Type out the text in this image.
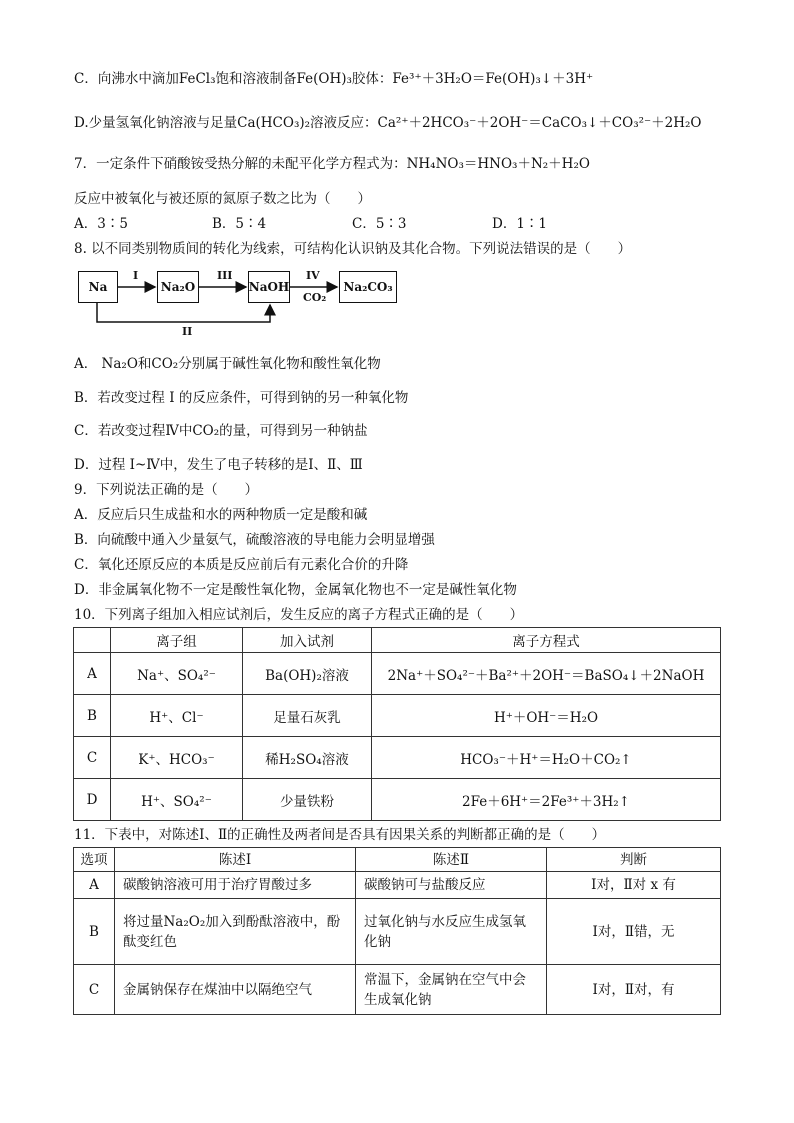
C．向沸水中滴加FeCl₃饱和溶液制备Fe(OH)₃胶体：Fe³⁺＋3H₂O＝Fe(OH)₃↓＋3H⁺
D.少量氢氧化钠溶液与足量Ca(HCO₃)₂溶液反应：Ca²⁺＋2HCO₃⁻＋2OH⁻＝CaCO₃↓＋CO₃²⁻＋2H₂O
7．一定条件下硝酸铵受热分解的未配平化学方程式为：NH₄NO₃＝HNO₃＋N₂＋H₂O
反应中被氧化与被还原的氮原子数之比为（　　）
A．3∶5	B．5∶4	C．5∶3	D．1∶1
8. 以不同类别物质间的转化为线索，可结构化认识钠及其化合物。下列说法错误的是（　　）
Na	Na₂O	NaOH	Na₂CO₃
I	III	IV
CO₂
II
A． Na₂O和CO₂分别属于碱性氧化物和酸性氧化物
B．若改变过程 I 的反应条件，可得到钠的另一种氧化物
C．若改变过程Ⅳ中CO₂的量，可得到另一种钠盐
D．过程 I~Ⅳ中，发生了电子转移的是Ⅰ、Ⅱ、Ⅲ
9．下列说法正确的是（　　）
A．反应后只生成盐和水的两种物质一定是酸和碱
B．向硫酸中通入少量氨气，硫酸溶液的导电能力会明显增强
C．氧化还原反应的本质是反应前后有元素化合价的升降
D．非金属氧化物不一定是酸性氧化物，金属氧化物也不一定是碱性氧化物
10．下列离子组加入相应试剂后，发生反应的离子方程式正确的是（　　）
	离子组	加入试剂	离子方程式
A	Na⁺、SO₄²⁻	Ba(OH)₂溶液	2Na⁺＋SO₄²⁻＋Ba²⁺＋2OH⁻＝BaSO₄↓＋2NaOH
B	H⁺、Cl⁻	足量石灰乳	H⁺＋OH⁻＝H₂O
C	K⁺、HCO₃⁻	稀H₂SO₄溶液	HCO₃⁻＋H⁺＝H₂O＋CO₂↑
D	H⁺、SO₄²⁻	少量铁粉	2Fe＋6H⁺＝2Fe³⁺＋3H₂↑
11．下表中，对陈述Ⅰ、Ⅱ的正确性及两者间是否具有因果关系的判断都正确的是（　　）
选项	陈述Ⅰ	陈述Ⅱ	判断
A	碳酸钠溶液可用于治疗胃酸过多	碳酸钠可与盐酸反应	Ⅰ对，Ⅱ对 x 有
B	将过量Na₂O₂加入到酚酞溶液中，酚酞变红色	过氧化钠与水反应生成氢氧化钠	Ⅰ对，Ⅱ错，无
C	金属钠保存在煤油中以隔绝空气	常温下，金属钠在空气中会生成氧化钠	Ⅰ对，Ⅱ对，有
